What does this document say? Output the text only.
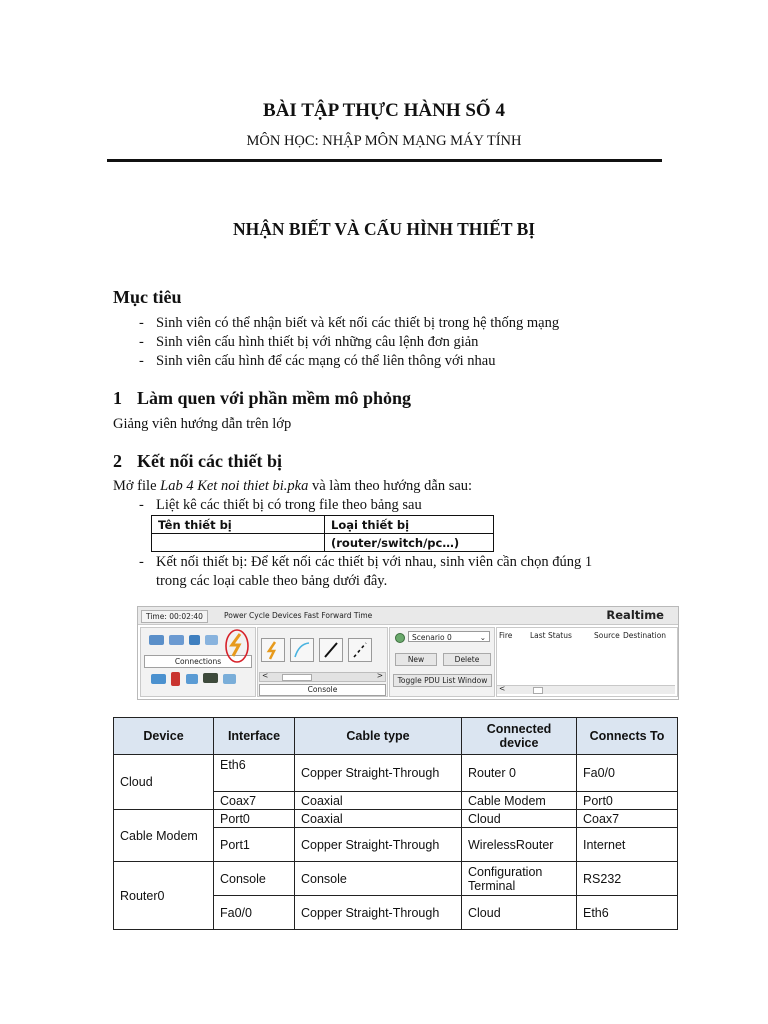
BÀI TẬP THỰC HÀNH SỐ 4
MÔN HỌC: NHẬP MÔN MẠNG MÁY TÍNH
NHẬN BIẾT VÀ CẤU HÌNH THIẾT BỊ
Mục tiêu
- Sinh viên có thể nhận biết và kết nối các thiết bị trong hệ thống mạng
- Sinh viên cấu hình thiết bị với những câu lệnh đơn giản
- Sinh viên cấu hình để các mạng có thể liên thông với nhau
1 Làm quen với phần mềm mô phỏng
Giảng viên hướng dẫn trên lớp
2 Kết nối các thiết bị
Mở file Lab 4 Ket noi thiet bi.pka và làm theo hướng dẫn sau:
- Liệt kê các thiết bị có trong file theo bảng sau
Tên thiết bị	Loại thiết bị
	(router/switch/pc…)
- Kết nối thiết bị: Để kết nối các thiết bị với nhau, sinh viên cần chọn đúng 1
trong các loại cable theo bảng dưới đây.
Time: 00:02:40	Power Cycle Devices Fast Forward Time	Realtime
Connections
<	>
Console
Scenario 0	⌄
New	Delete
Toggle PDU List Window
Fire Last Status	Source Destination
<
Device	Interface	Cable type	Connected device	Connects To
Cloud	Eth6	Copper Straight-Through	Router 0	Fa0/0
	Coax7	Coaxial	Cable Modem	Port0
Cable Modem	Port0	Coaxial	Cloud	Coax7
	Port1	Copper Straight-Through	WirelessRouter	Internet
Router0	Console	Console	Configuration Terminal	RS232
	Fa0/0	Copper Straight-Through	Cloud	Eth6
